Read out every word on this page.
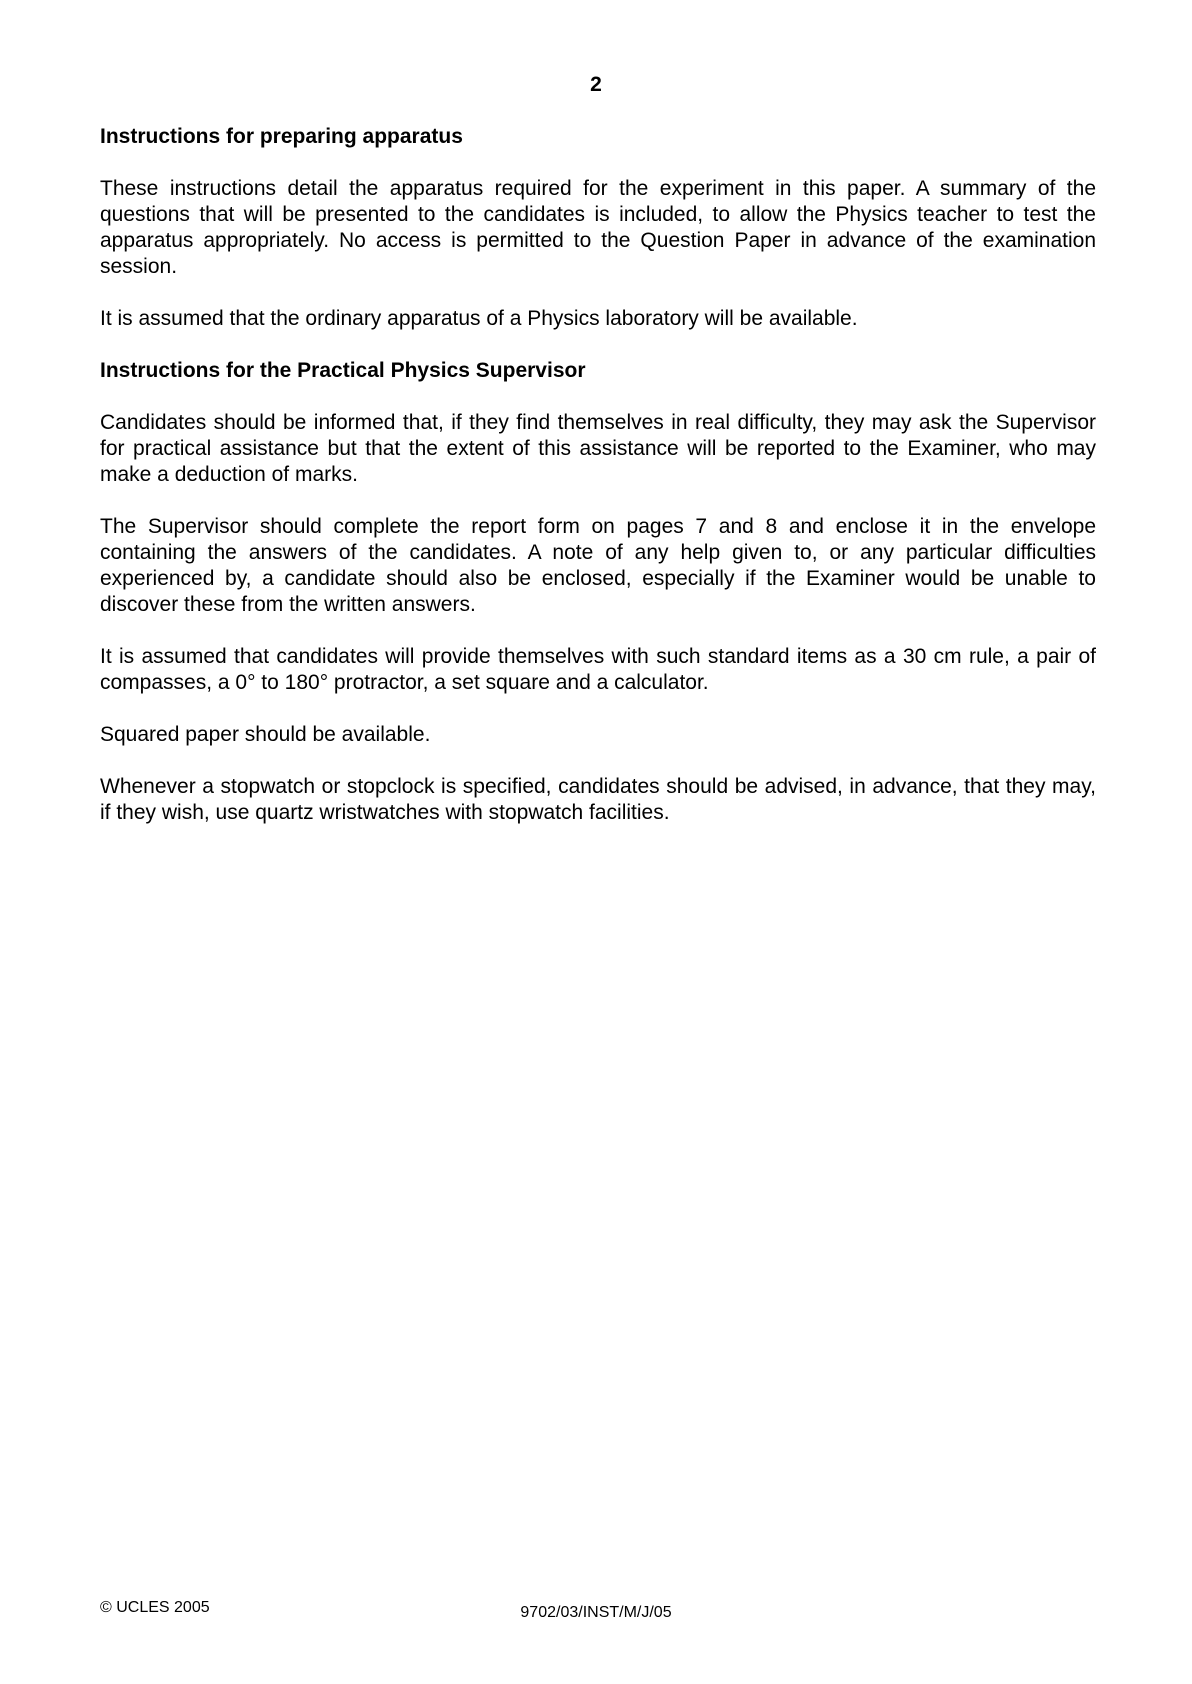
2

Instructions for preparing apparatus

These instructions detail the apparatus required for the experiment in this paper. A summary of the questions that will be presented to the candidates is included, to allow the Physics teacher to test the apparatus appropriately. No access is permitted to the Question Paper in advance of the examination session.

It is assumed that the ordinary apparatus of a Physics laboratory will be available.

Instructions for the Practical Physics Supervisor

Candidates should be informed that, if they find themselves in real difficulty, they may ask the Supervisor for practical assistance but that the extent of this assistance will be reported to the Examiner, who may make a deduction of marks.

The Supervisor should complete the report form on pages 7 and 8 and enclose it in the envelope containing the answers of the candidates. A note of any help given to, or any particular difficulties experienced by, a candidate should also be enclosed, especially if the Examiner would be unable to discover these from the written answers.

It is assumed that candidates will provide themselves with such standard items as a 30 cm rule, a pair of compasses, a 0° to 180° protractor, a set square and a calculator.

Squared paper should be available.

Whenever a stopwatch or stopclock is specified, candidates should be advised, in advance, that they may, if they wish, use quartz wristwatches with stopwatch facilities.

© UCLES 2005	9702/03/INST/M/J/05
